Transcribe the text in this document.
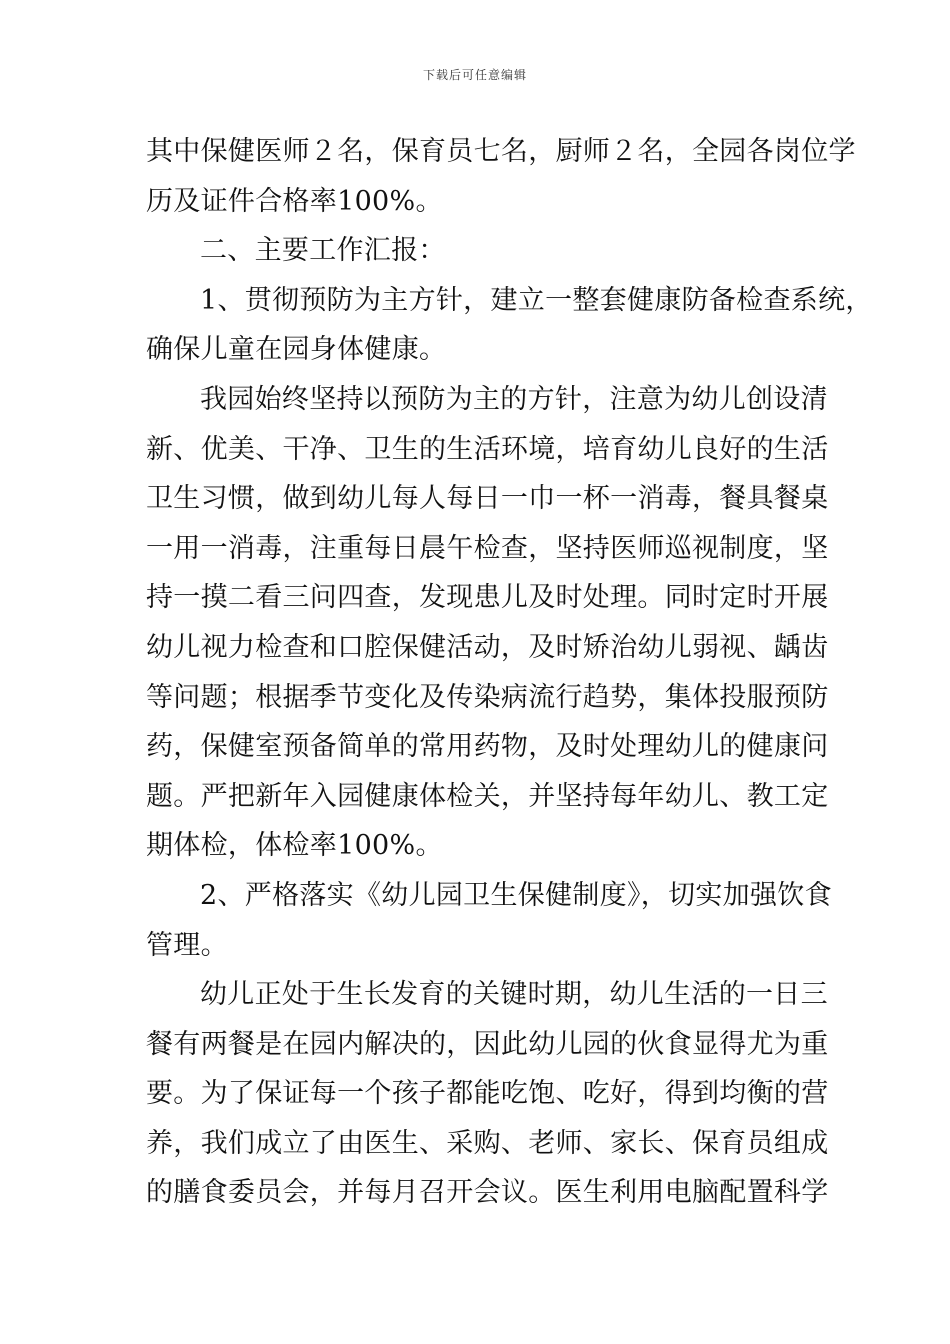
下载后可任意编辑
其中保健医师２名，保育员七名，厨师２名，全园各岗位学
历及证件合格率100%。
二、主要工作汇报：
1、贯彻预防为主方针，建立一整套健康防备检查系统，
确保儿童在园身体健康。
我园始终坚持以预防为主的方针，注意为幼儿创设清
新、优美、干净、卫生的生活环境，培育幼儿良好的生活
卫生习惯，做到幼儿每人每日一巾一杯一消毒，餐具餐桌
一用一消毒，注重每日晨午检查，坚持医师巡视制度，坚
持一摸二看三问四查，发现患儿及时处理。同时定时开展
幼儿视力检查和口腔保健活动，及时矫治幼儿弱视、龋齿
等问题；根据季节变化及传染病流行趋势，集体投服预防
药，保健室预备简单的常用药物，及时处理幼儿的健康问
题。严把新年入园健康体检关，并坚持每年幼儿、教工定
期体检，体检率100%。
2、严格落实《幼儿园卫生保健制度》，切实加强饮食
管理。
幼儿正处于生长发育的关键时期，幼儿生活的一日三
餐有两餐是在园内解决的，因此幼儿园的伙食显得尤为重
要。为了保证每一个孩子都能吃饱、吃好，得到均衡的营
养，我们成立了由医生、采购、老师、家长、保育员组成
的膳食委员会，并每月召开会议。医生利用电脑配置科学
